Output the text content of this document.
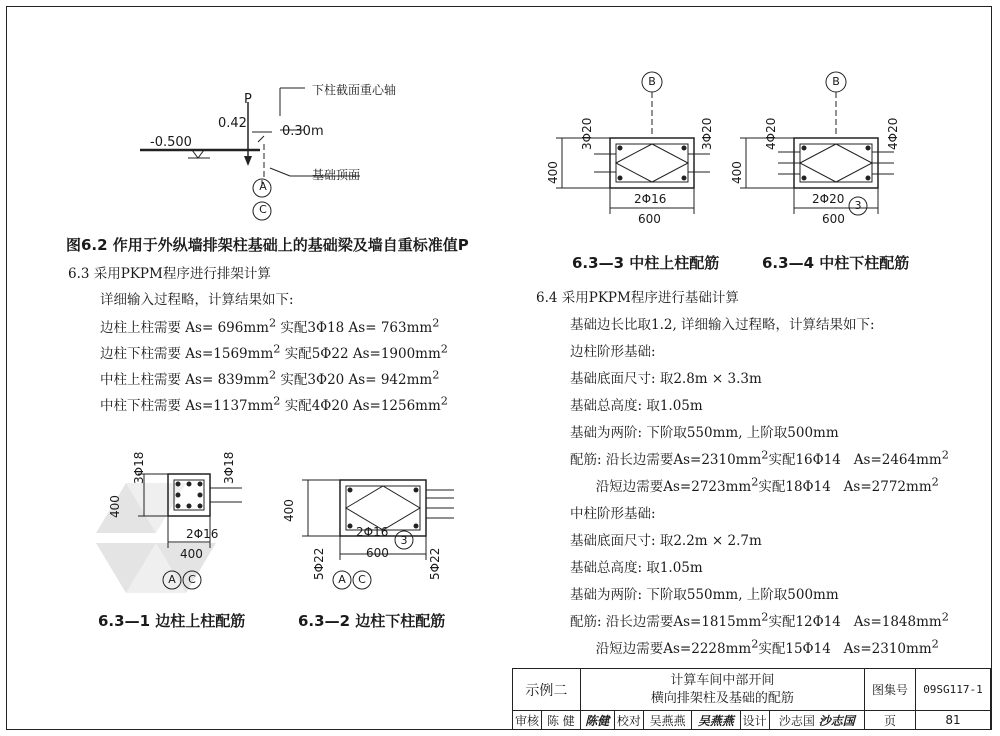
P
下柱截面重心轴
0.42
0.30m
-0.500
基础顶面
A
C
图6.2 作用于外纵墙排架柱基础上的基础梁及墙自重标准值P
6.3 采用PKPM程序进行排架计算
详细输入过程略，计算结果如下:
边柱上柱需要 $As= 696mm^2$ 实配3Φ18 $As= 763mm^2$
边柱下柱需要 $As=1569mm^2$ 实配5Φ22 $As=1900mm^2$
中柱上柱需要 $As= 839mm^2$ 实配3Φ20 $As= 942mm^2$
中柱下柱需要 $As=1137mm^2$ 实配4Φ20 $As=1256mm^2$
3Φ18	3Φ18
400
2Φ16
400
A C
6.3—1 边柱上柱配筋
400
2Φ16
3
600
5Φ22	5Φ22
A C
6.3—2 边柱下柱配筋
B
3Φ20	3Φ20
400
2Φ16
600
6.3—3 中柱上柱配筋
B
4Φ20	4Φ20
400
2Φ20 3
600
6.3—4 中柱下柱配筋
6.4 采用PKPM程序进行基础计算
基础边长比取1.2, 详细输入过程略，计算结果如下:
边柱阶形基础:
基础底面尺寸: 取2.8m × 3.3m
基础总高度: 取1.05m
基础为两阶: 下阶取550mm, 上阶取500mm
配筋: 沿长边需要$As=2310mm^2$实配16Φ14   $As=2464mm^2$
沿短边需要$As=2723mm^2$实配18Φ14   $As=2772mm^2$
中柱阶形基础:
基础底面尺寸: 取2.2m × 2.7m
基础总高度: 取1.05m
基础为两阶: 下阶取550mm, 上阶取500mm
配筋: 沿长边需要$As=1815mm^2$实配12Φ14   $As=1848mm^2$
沿短边需要$As=2228mm^2$实配15Φ14   $As=2310mm^2$
示例二		计算车间中部开间
横向排架柱及基础的配筋						图集号	09SG117-1
审核	陈 健	陈健	校对	吴燕燕	吴燕燕	设计	沙志国 沙志国	页	81
